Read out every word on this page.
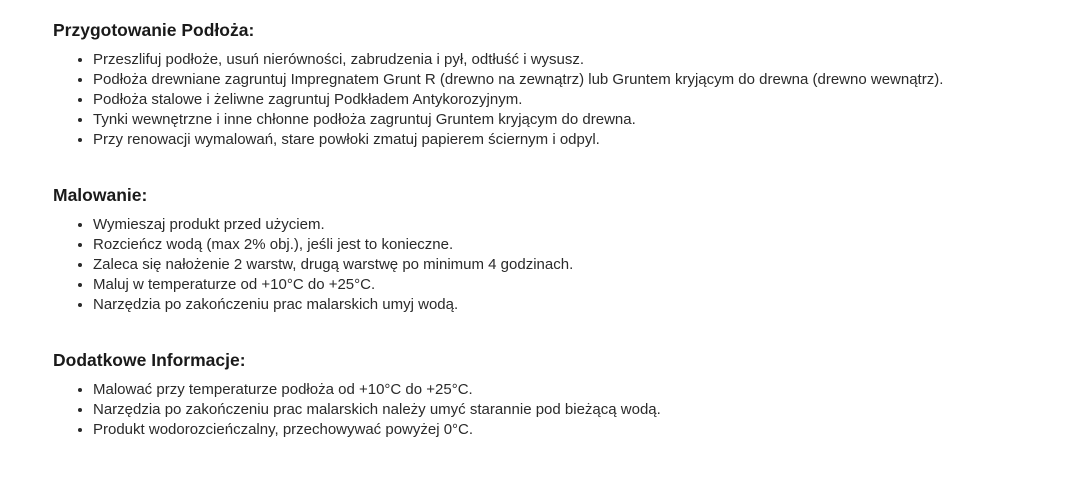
Przygotowanie Podłoża:
• Przeszlifuj podłoże, usuń nierówności, zabrudzenia i pył, odtłuść i wysusz.
• Podłoża drewniane zagruntuj Impregnatem Grunt R (drewno na zewnątrz) lub Gruntem kryjącym do drewna (drewno wewnątrz).
• Podłoża stalowe i żeliwne zagruntuj Podkładem Antykorozyjnym.
• Tynki wewnętrzne i inne chłonne podłoża zagruntuj Gruntem kryjącym do drewna.
• Przy renowacji wymalowań, stare powłoki zmatuj papierem ściernym i odpyl.
Malowanie:
• Wymieszaj produkt przed użyciem.
• Rozcieńcz wodą (max 2% obj.), jeśli jest to konieczne.
• Zaleca się nałożenie 2 warstw, drugą warstwę po minimum 4 godzinach.
• Maluj w temperaturze od +10°C do +25°C.
• Narzędzia po zakończeniu prac malarskich umyj wodą.
Dodatkowe Informacje:
• Malować przy temperaturze podłoża od +10°C do +25°C.
• Narzędzia po zakończeniu prac malarskich należy umyć starannie pod bieżącą wodą.
• Produkt wodorozcieńczalny, przechowywać powyżej 0°C.
